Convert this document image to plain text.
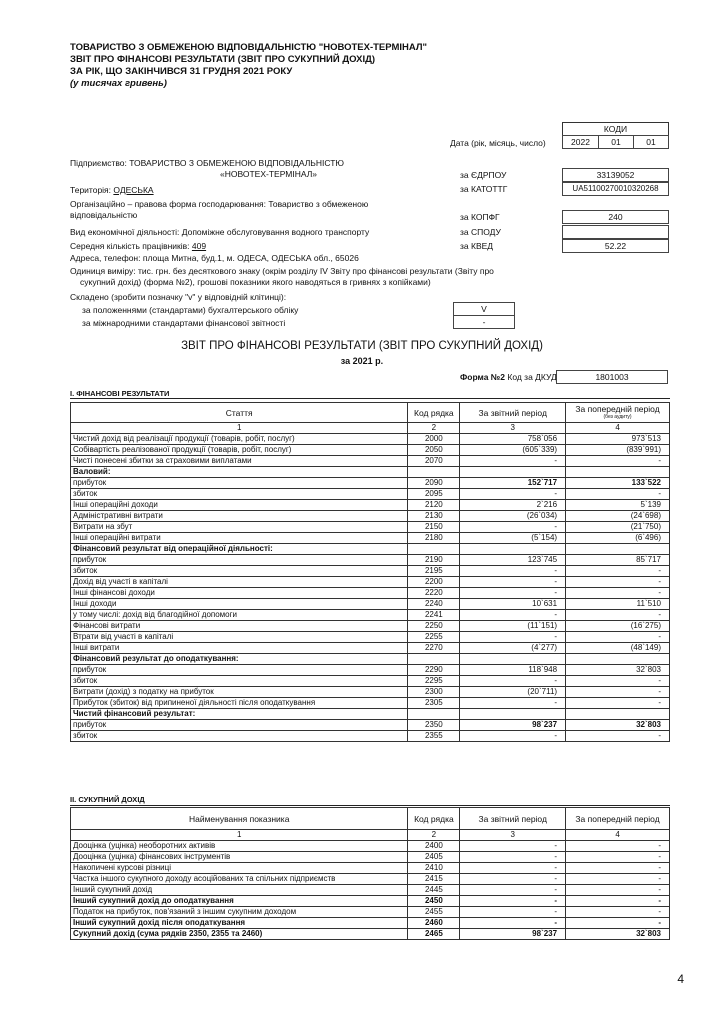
ТОВАРИСТВО З ОБМЕЖЕНОЮ ВІДПОВІДАЛЬНІСТЮ "НОВОТЕХ-ТЕРМІНАЛ"
ЗВІТ ПРО ФІНАНСОВІ РЕЗУЛЬТАТИ (ЗВІТ ПРО СУКУПНИЙ ДОХІД)
ЗА РІК, ЩО ЗАКІНЧИВСЯ 31 ГРУДНЯ 2021 РОКУ
(у тисячах гривень)
КОДИ
Дата (рік, місяць, число)	2022	01	01
за ЄДРПОУ	33139052
за КАТОТТГ	UA51100270010320268
за КОПФГ	240
за СПОДУ
за КВЕД	52.22
Підприємство: ТОВАРИСТВО З ОБМЕЖЕНОЮ ВІДПОВІДАЛЬНІСТЮ
«НОВОТЕХ-ТЕРМІНАЛ»
Територія: ОДЕСЬКА
Організаційно – правова форма господарювання: Товариство з обмеженою
відповідальністю
Вид економічної діяльності: Допоміжне обслуговування водного транспорту
Середня кількість працівників: 409
Адреса, телефон: площа Митна, буд.1, м. ОДЕСА, ОДЕСЬКА обл., 65026
Одиниця виміру: тис. грн. без десяткового знаку (окрім розділу IV Звіту про фінансові результати (Звіту про
сукупний дохід) (форма №2), грошові показники якого наводяться в гривнях з копійками)
Складено (зробити позначку "v" у відповідній клітинці):
за положеннями (стандартами) бухгалтерського обліку	V
за міжнародними стандартами фінансової звітності	-
ЗВІТ ПРО ФІНАНСОВІ РЕЗУЛЬТАТИ (ЗВІТ ПРО СУКУПНИЙ ДОХІД)
за 2021 р.
Форма №2 Код за ДКУД	1801003
I. ФІНАНСОВІ РЕЗУЛЬТАТИ
Стаття	Код рядка	За звітний період	За попередній період
(без аудиту)

1	2	3	4
Чистий дохід від реалізації продукції (товарів, робіт, послуг)	2000	758`056	973`513
Собівартість реалізованої продукції (товарів, робіт, послуг)	2050	(605`339)	(839`991)
Чисті понесені збитки за страховими виплатами	2070	-	-
Валовий:			
прибуток	2090	152`717	133`522
збиток	2095	-	-
Інші операційні доходи	2120	2`216	5`139
Адміністративні витрати	2130	(26`034)	(24`698)
Витрати на збут	2150	-	(21`750)
Інші операційні витрати	2180	(5`154)	(6`496)
Фінансовий результат від операційної діяльності:			
прибуток	2190	123`745	85`717
збиток	2195	-	-
Дохід від участі в капіталі	2200	-	-
Інші фінансові доходи	2220	-	-
Інші доходи	2240	10`631	11`510
у тому числі: дохід від благодійної допомоги	2241	-	-
Фінансові витрати	2250	(11`151)	(16`275)
Втрати від участі в капіталі	2255	-	-
Інші витрати	2270	(4`277)	(48`149)
Фінансовий результат до оподаткування:			
прибуток	2290	118`948	32`803
збиток	2295	-	-
Витрати (дохід) з податку на прибуток	2300	(20`711)	-
Прибуток (збиток) від припиненої діяльності після оподаткування	2305	-	-
Чистий фінансовий результат:			
прибуток	2350	98`237	32`803
збиток	2355	-	-
II. СУКУПНИЙ ДОХІД
Найменування показника	Код рядка	За звітний період	За попередній період
1	2	3	4
Дооцінка (уцінка) необоротних активів	2400	-	-
Дооцінка (уцінка) фінансових інструментів	2405	-	-
Накопичені курсові різниці	2410	-	-
Частка іншого сукупного доходу асоційованих та спільних підприємств	2415	-	-
Інший сукупний дохід	2445	-	-
Інший сукупний дохід до оподаткування	2450	-	-
Податок на прибуток, пов'язаний з іншим сукупним доходом	2455	-	-
Інший сукупний дохід після оподаткування	2460	-	-
Сукупний дохід (сума рядків 2350, 2355 та 2460)	2465	98`237	32`803
4
